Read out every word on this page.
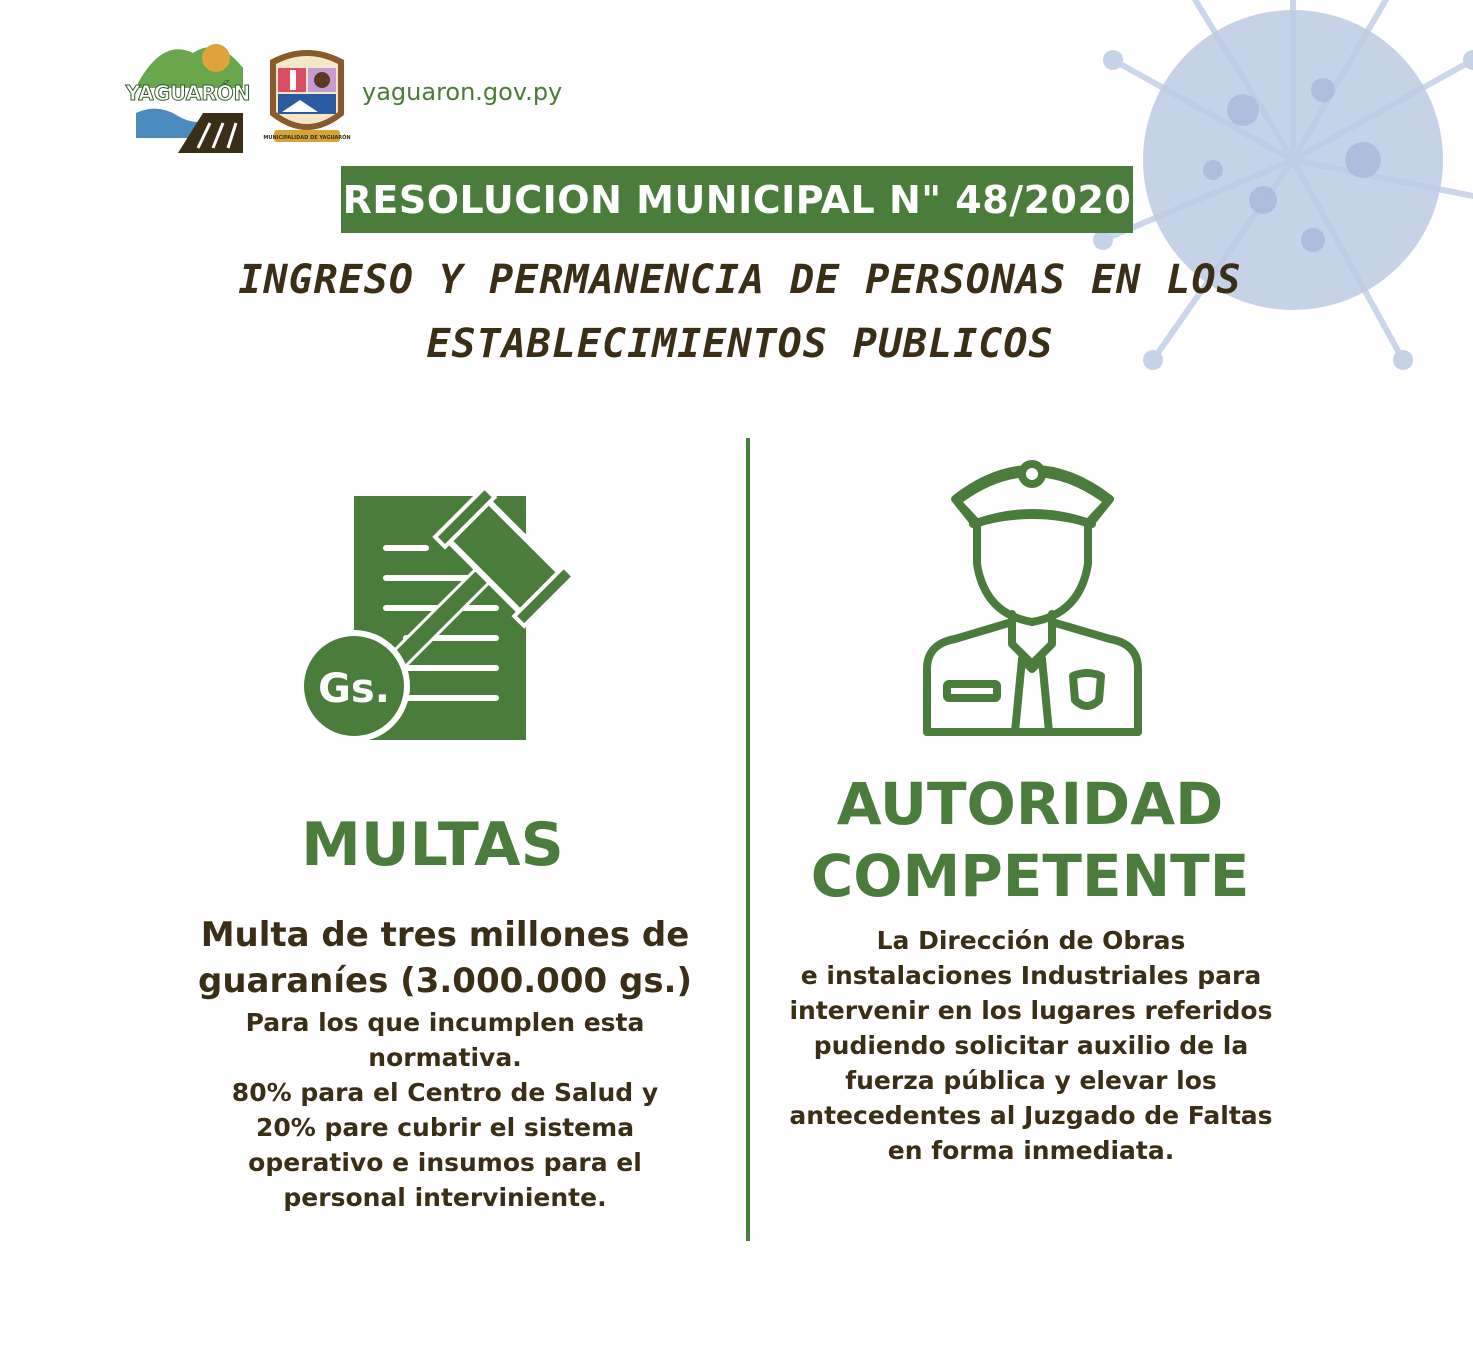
YAGUARÓN
MUNICIPALIDAD DE YAGUARÓN
yaguaron.gov.py
RESOLUCION MUNICIPAL N" 48/2020
INGRESO Y PERMANENCIA DE PERSONAS EN LOS ESTABLECIMIENTOS PUBLICOS
Gs.
MULTAS
Multa de tres millones de guaraníes (3.000.000 gs.)
Para los que incumplen esta
normativa.
80% para el Centro de Salud y
20% pare cubrir el sistema
operativo e insumos para el
personal interviniente.
AUTORIDAD COMPETENTE
La Dirección de Obras
e instalaciones Industriales para
intervenir en los lugares referidos
pudiendo solicitar auxilio de la
fuerza pública y elevar los
antecedentes al Juzgado de Faltas
en forma inmediata.
